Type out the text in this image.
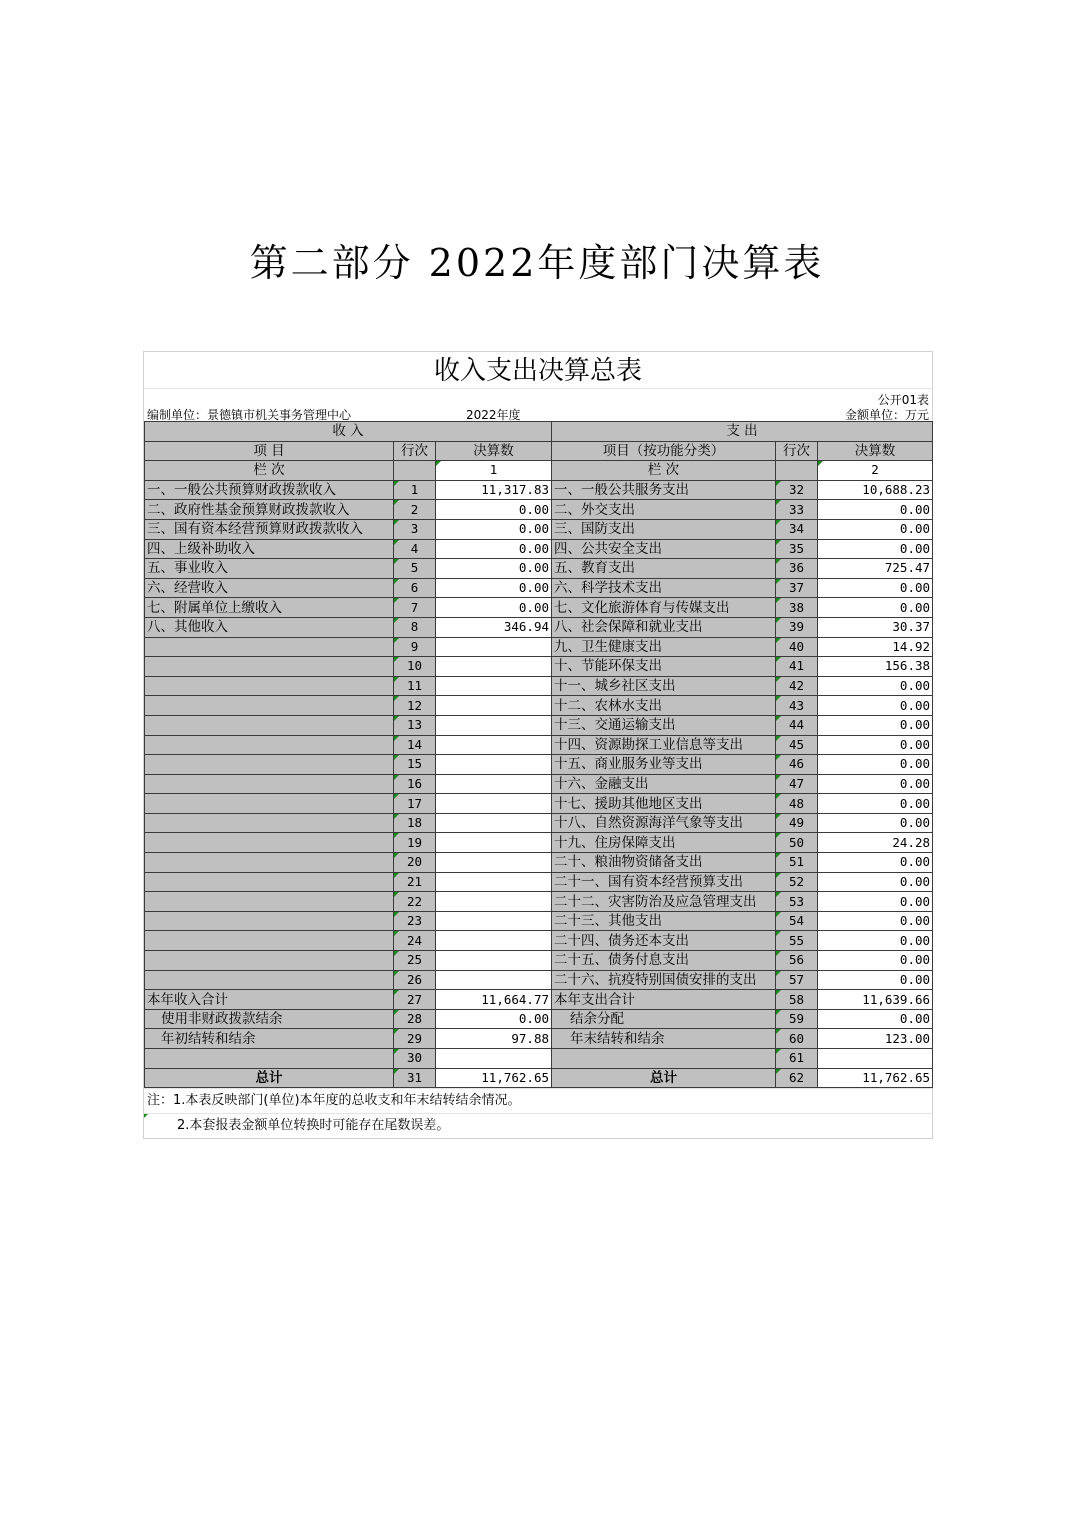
第二部分 2022年度部门决算表
收入支出决算总表
公开01表
编制单位：景德镇市机关事务管理中心	2022年度	金额单位：万元
收 入			支 出		
项 目	行次	决算数	项目（按功能分类）	行次	决算数
栏 次		1	栏 次		2
一、一般公共预算财政拨款收入	1	11,317.83	一、一般公共服务支出	32	10,688.23
二、政府性基金预算财政拨款收入	2	0.00	二、外交支出	33	0.00
三、国有资本经营预算财政拨款收入	3	0.00	三、国防支出	34	0.00
四、上级补助收入	4	0.00	四、公共安全支出	35	0.00
五、事业收入	5	0.00	五、教育支出	36	725.47
六、经营收入	6	0.00	六、科学技术支出	37	0.00
七、附属单位上缴收入	7	0.00	七、文化旅游体育与传媒支出	38	0.00
八、其他收入	8	346.94	八、社会保障和就业支出	39	30.37
	9		九、卫生健康支出	40	14.92
	10		十、节能环保支出	41	156.38
	11		十一、城乡社区支出	42	0.00
	12		十二、农林水支出	43	0.00
	13		十三、交通运输支出	44	0.00
	14		十四、资源勘探工业信息等支出	45	0.00
	15		十五、商业服务业等支出	46	0.00
	16		十六、金融支出	47	0.00
	17		十七、援助其他地区支出	48	0.00
	18		十八、自然资源海洋气象等支出	49	0.00
	19		十九、住房保障支出	50	24.28
	20		二十、粮油物资储备支出	51	0.00
	21		二十一、国有资本经营预算支出	52	0.00
	22		二十二、灾害防治及应急管理支出	53	0.00
	23		二十三、其他支出	54	0.00
	24		二十四、债务还本支出	55	0.00
	25		二十五、债务付息支出	56	0.00
	26		二十六、抗疫特别国债安排的支出	57	0.00
本年收入合计	27	11,664.77	本年支出合计	58	11,639.66
使用非财政拨款结余	28	0.00	结余分配	59	0.00
年初结转和结余	29	97.88	年末结转和结余	60	123.00
	30			61	
总计	31	11,762.65	总计	62	11,762.65
注：1.本表反映部门(单位)本年度的总收支和年末结转结余情况。
2.本套报表金额单位转换时可能存在尾数误差。
